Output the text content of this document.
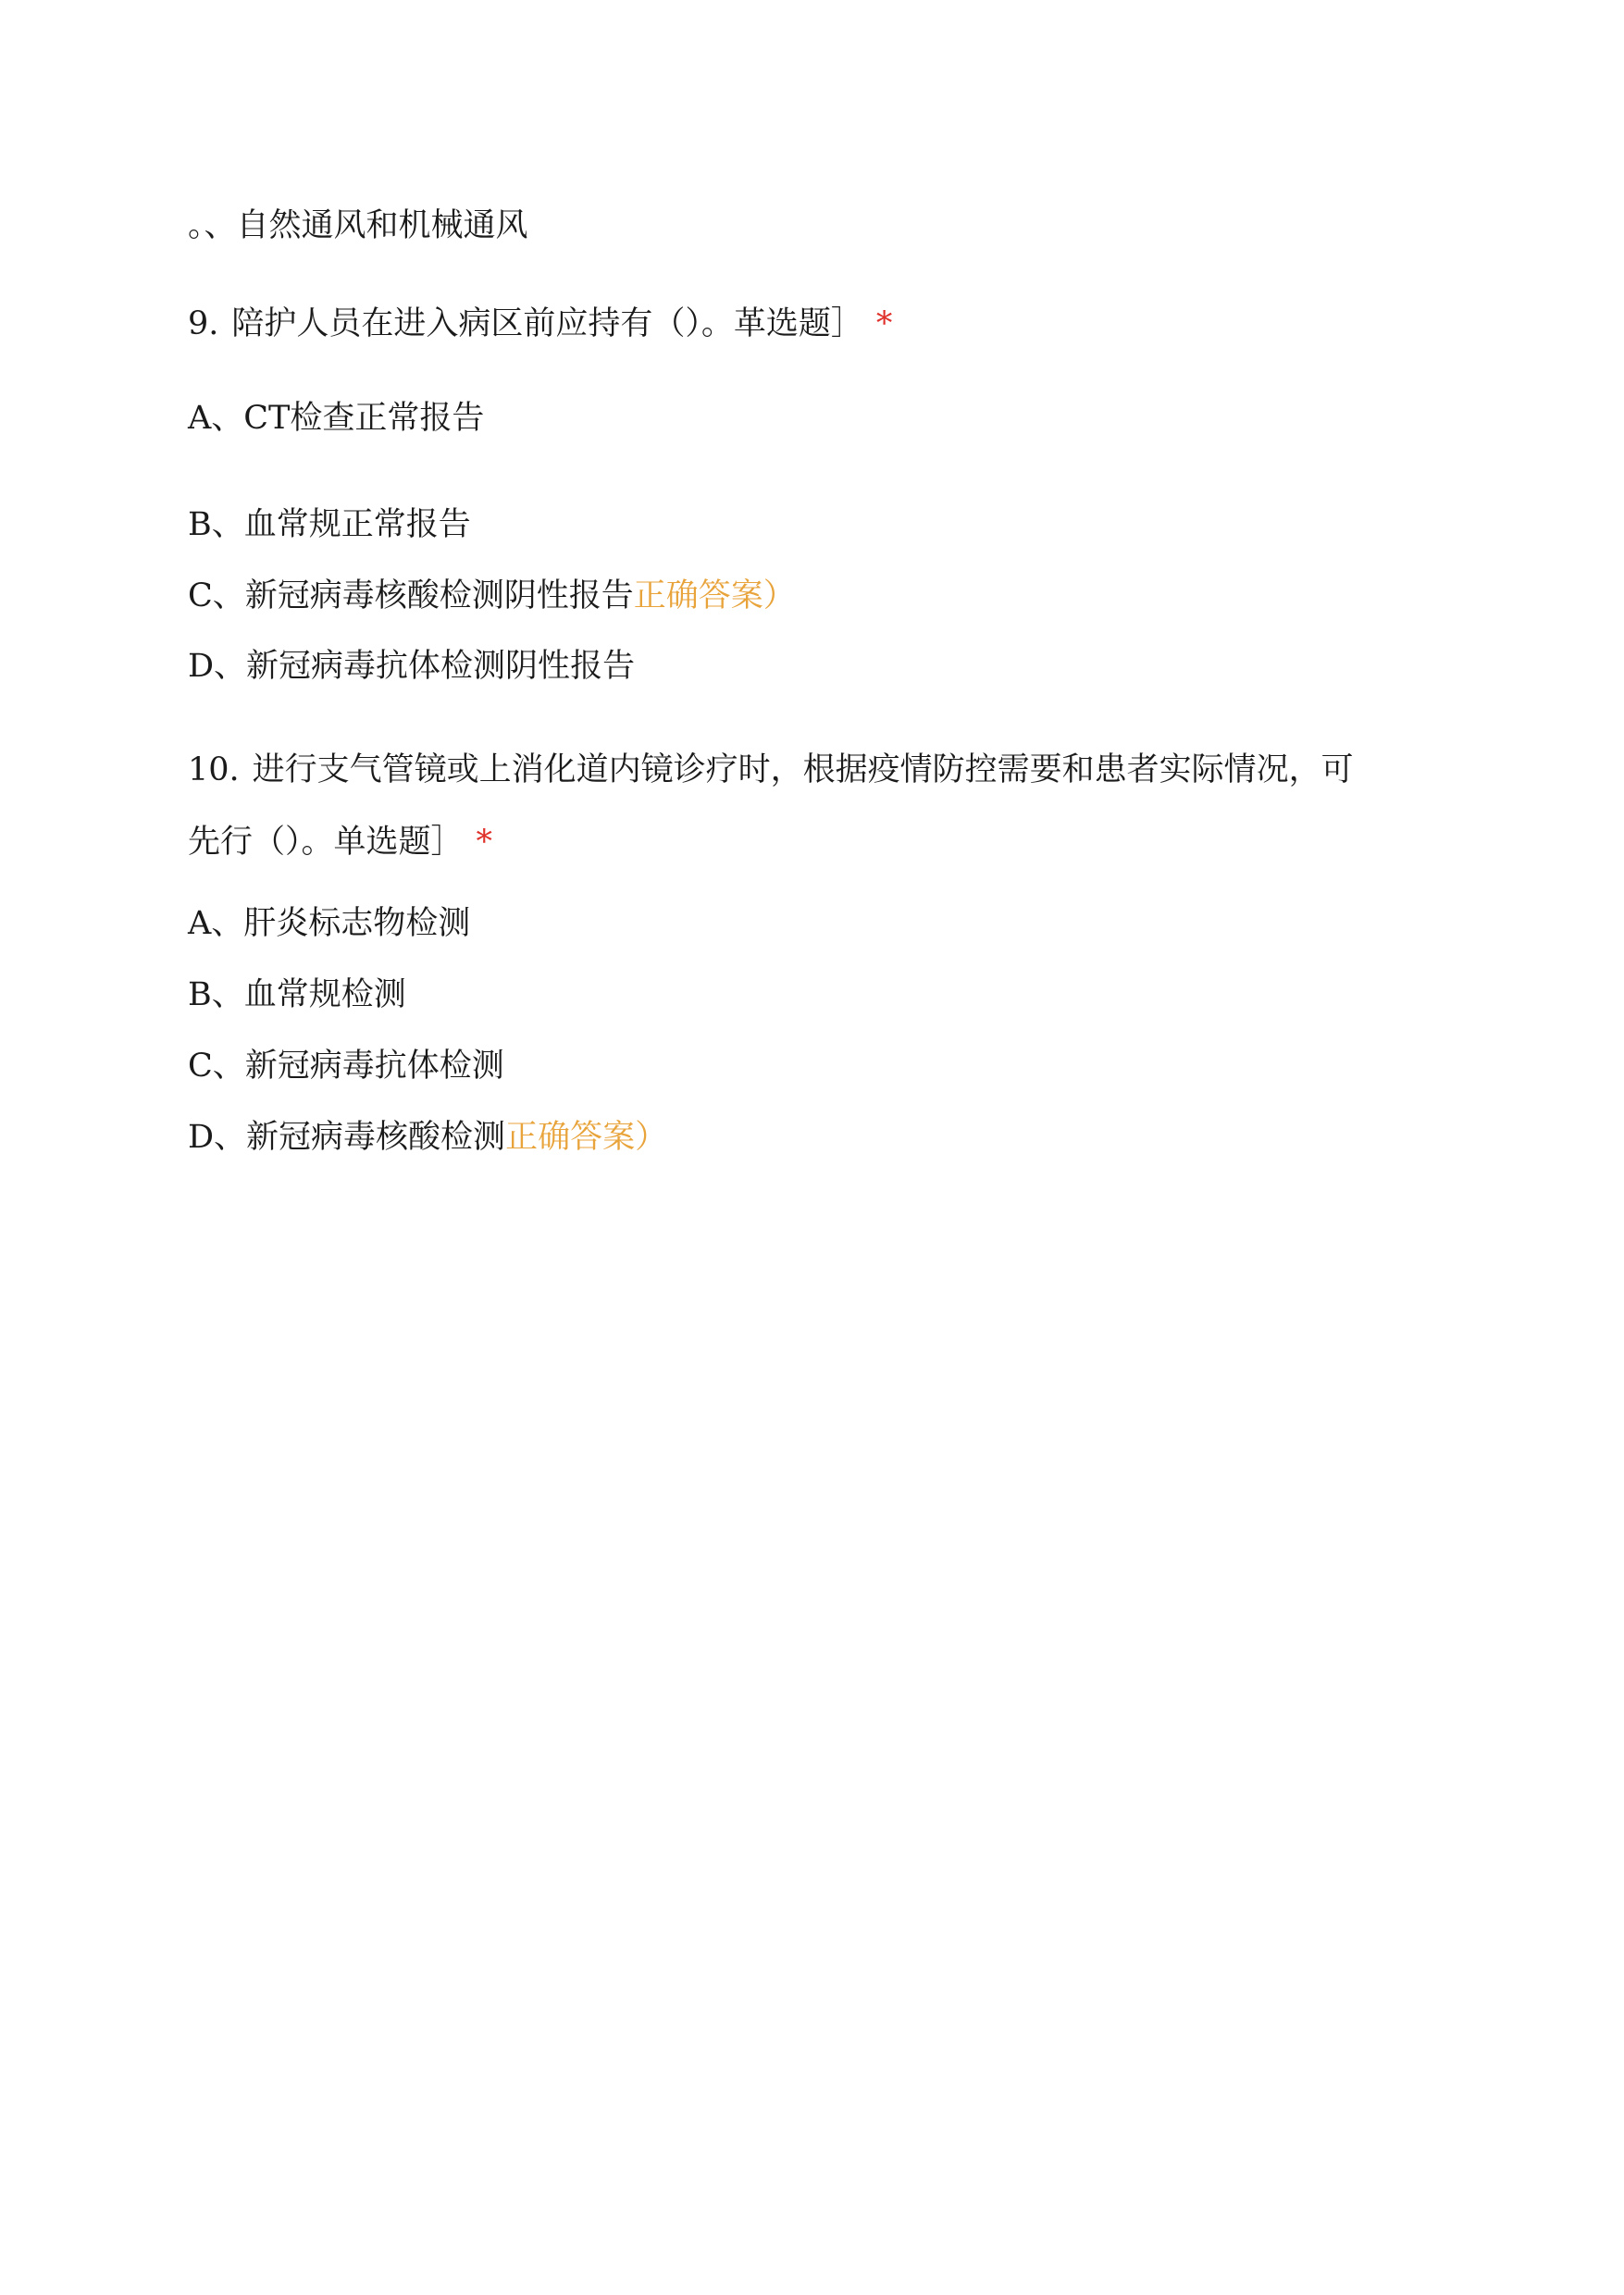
。、自然通风和机械通风
9. 陪护人员在进入病区前应持有（）。革选题］ *
A、CT检查正常报告
B、血常规正常报告
C、新冠病毒核酸检测阴性报告正确答案）
D、新冠病毒抗体检测阴性报告
10. 进行支气管镜或上消化道内镜诊疗时，根据疫情防控需要和患者实际情况，可
先行（）。单选题］ *
A、肝炎标志物检测
B、血常规检测
C、新冠病毒抗体检测
D、新冠病毒核酸检测正确答案）
